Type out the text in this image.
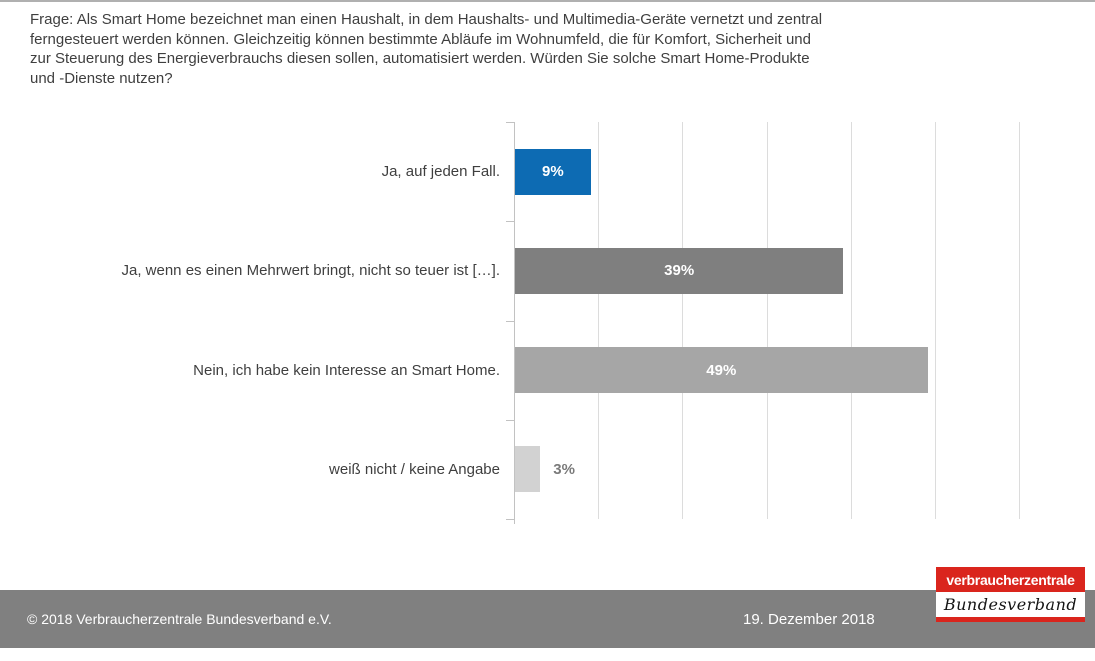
Frage: Als Smart Home bezeichnet man einen Haushalt, in dem Haushalts- und Multimedia-Geräte vernetzt und zentral ferngesteuert werden können. Gleichzeitig können bestimmte Abläufe im Wohnumfeld, die für Komfort, Sicherheit und zur Steuerung des Energieverbrauchs diesen sollen, automatisiert werden. Würden Sie solche Smart Home-Produkte und -Dienste nutzen?
Ja, auf jeden Fall.	9%
Ja, wenn es einen Mehrwert bringt, nicht so teuer ist […].	39%
Nein, ich habe kein Interesse an Smart Home.	49%
weiß nicht / keine Angabe	3%
© 2018 Verbraucherzentrale Bundesverband e.V.	19. Dezember 2018
verbraucherzentrale
Bundesverband
